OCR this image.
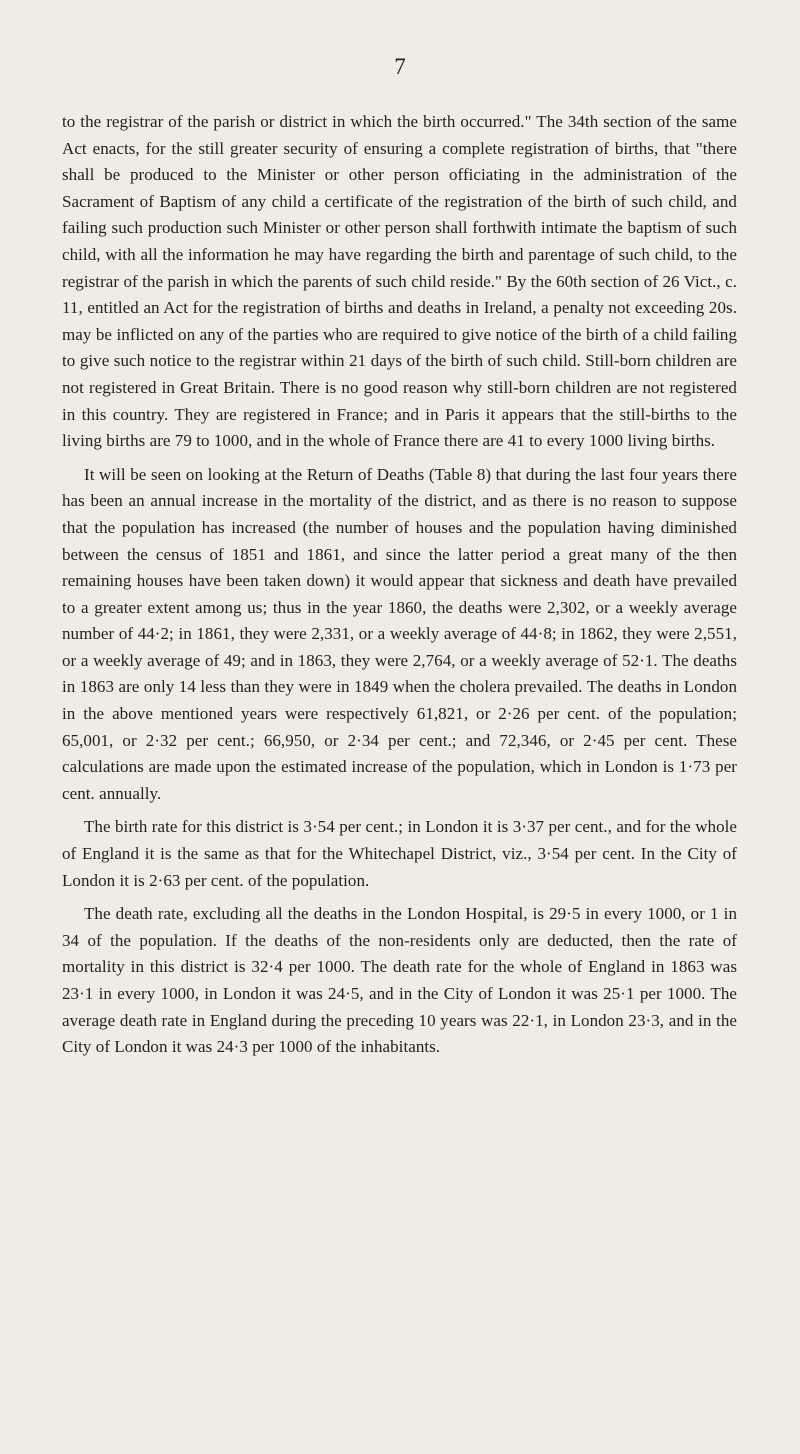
7

to the registrar of the parish or district in which the birth occurred." The 34th section of the same Act enacts, for the still greater security of ensuring a complete registration of births, that "there shall be produced to the Minister or other person officiating in the administration of the Sacrament of Baptism of any child a certificate of the registration of the birth of such child, and failing such production such Minister or other person shall forthwith intimate the baptism of such child, with all the information he may have regarding the birth and parentage of such child, to the registrar of the parish in which the parents of such child reside." By the 60th section of 26 Vict., c. 11, entitled an Act for the registration of births and deaths in Ireland, a penalty not exceeding 20s. may be inflicted on any of the parties who are required to give notice of the birth of a child failing to give such notice to the registrar within 21 days of the birth of such child. Still-born children are not registered in Great Britain. There is no good reason why still-born children are not registered in this country. They are registered in France; and in Paris it appears that the still-births to the living births are 79 to 1000, and in the whole of France there are 41 to every 1000 living births.

It will be seen on looking at the Return of Deaths (Table 8) that during the last four years there has been an annual increase in the mortality of the district, and as there is no reason to suppose that the population has increased (the number of houses and the population having diminished between the census of 1851 and 1861, and since the latter period a great many of the then remaining houses have been taken down) it would appear that sickness and death have prevailed to a greater extent among us; thus in the year 1860, the deaths were 2,302, or a weekly average number of 44·2; in 1861, they were 2,331, or a weekly average of 44·8; in 1862, they were 2,551, or a weekly average of 49; and in 1863, they were 2,764, or a weekly average of 52·1. The deaths in 1863 are only 14 less than they were in 1849 when the cholera prevailed. The deaths in London in the above mentioned years were respectively 61,821, or 2·26 per cent. of the population; 65,001, or 2·32 per cent.; 66,950, or 2·34 per cent.; and 72,346, or 2·45 per cent. These calculations are made upon the estimated increase of the population, which in London is 1·73 per cent. annually.

The birth rate for this district is 3·54 per cent.; in London it is 3·37 per cent., and for the whole of England it is the same as that for the Whitechapel District, viz., 3·54 per cent. In the City of London it is 2·63 per cent. of the population.

The death rate, excluding all the deaths in the London Hospital, is 29·5 in every 1000, or 1 in 34 of the population. If the deaths of the non-residents only are deducted, then the rate of mortality in this district is 32·4 per 1000. The death rate for the whole of England in 1863 was 23·1 in every 1000, in London it was 24·5, and in the City of London it was 25·1 per 1000. The average death rate in England during the preceding 10 years was 22·1, in London 23·3, and in the City of London it was 24·3 per 1000 of the inhabitants.
